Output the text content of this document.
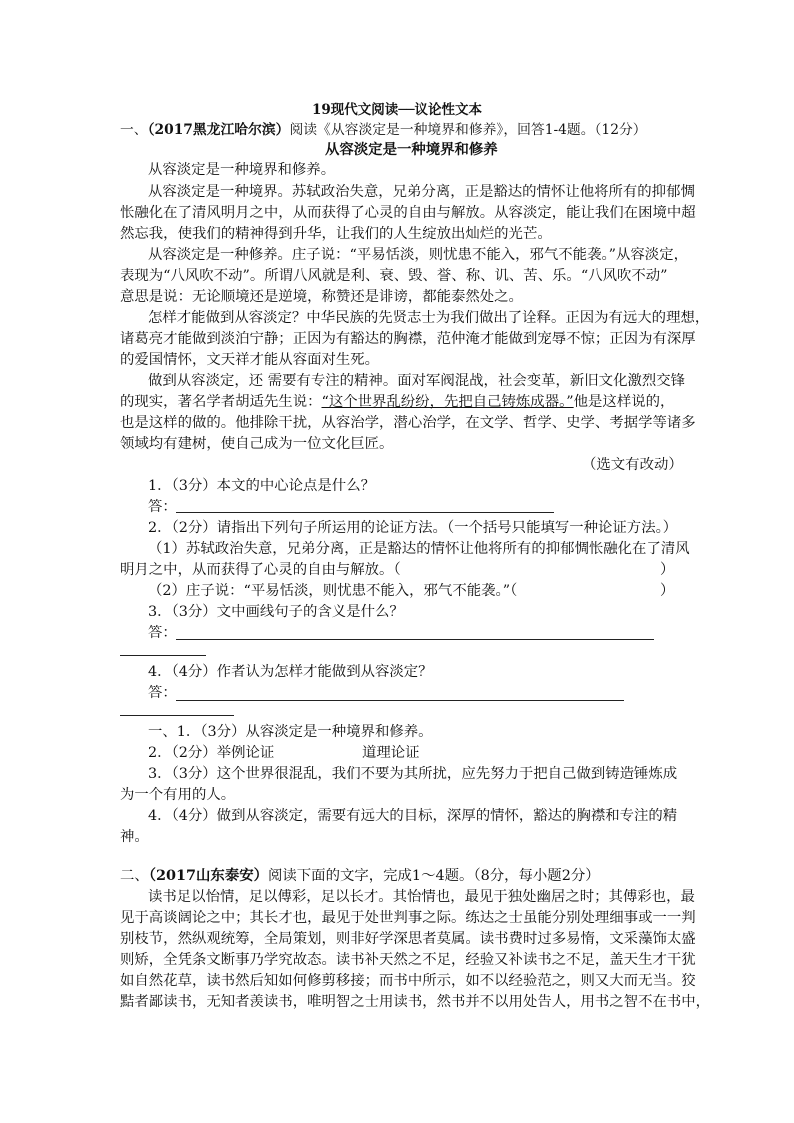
19现代文阅读──议论性文本
一、（2017黑龙江哈尔滨）阅读《从容淡定是一种境界和修养》，回答1-4题。（12分）
从容淡定是一种境界和修养
从容淡定是一种境界和修养。
从容淡定是一种境界。苏轼政治失意，兄弟分离，正是豁达的情怀让他将所有的抑郁惆
怅融化在了清风明月之中，从而获得了心灵的自由与解放。从容淡定，能让我们在困境中超
然忘我，使我们的精神得到升华，让我们的人生绽放出灿烂的光芒。
从容淡定是一种修养。庄子说：“平易恬淡，则忧患不能入，邪气不能袭。”从容淡定，
表现为“八风吹不动”。所谓八风就是利、衰、毁、誉、称、讥、苦、乐。“八风吹不动”
意思是说：无论顺境还是逆境，称赞还是诽谤，都能泰然处之。
怎样才能做到从容淡定？中华民族的先贤志士为我们做出了诠释。正因为有远大的理想，
诸葛亮才能做到淡泊宁静；正因为有豁达的胸襟，范仲淹才能做到宠辱不惊；正因为有深厚
的爱国情怀，文天祥才能从容面对生死。
做到从容淡定，还 需要有专注的精神。面对军阀混战，社会变革，新旧文化激烈交锋
的现实，著名学者胡适先生说：“这个世界乱纷纷，先把自己铸炼成器。”他是这样说的，
也是这样的做的。他排除干扰，从容治学，潜心治学，在文学、哲学、史学、考据学等诸多
领域均有建树，使自己成为一位文化巨匠。
（选文有改动）
1．（3分）本文的中心论点是什么？
答：
2．（2分）请指出下列句子所运用的论证方法。（一个括号只能填写一种论证方法。）
（1）苏轼政治失意，兄弟分离，正是豁达的情怀让他将所有的抑郁惆怅融化在了清风
明月之中，从而获得了心灵的自由与解放。（	）
（2）庄子说：“平易恬淡，则忧患不能入，邪气不能袭。”（	）
3．（3分）文中画线句子的含义是什么？
答：
4．（4分）作者认为怎样才能做到从容淡定？
答：
一、1．（3分）从容淡定是一种境界和修养。
2．（2分）举例论证	道理论证
3．（3分）这个世界很混乱，我们不要为其所扰，应先努力于把自己做到铸造锤炼成
为一个有用的人。
4．（4分）做到从容淡定，需要有远大的目标，深厚的情怀，豁达的胸襟和专注的精
神。
二、（2017山东泰安）阅读下面的文字，完成1～4题。（8分，每小题2分）
读书足以怡情，足以傅彩，足以长才。其怡情也，最见于独处幽居之时；其傅彩也，最
见于高谈阔论之中；其长才也，最见于处世判事之际。练达之士虽能分别处理细事或一一判
别枝节，然纵观统筹，全局策划，则非好学深思者莫属。读书费时过多易惰，文采藻饰太盛
则矫，全凭条文断事乃学究故态。读书补天然之不足，经验又补读书之不足，盖天生才干犹
如自然花草，读书然后知如何修剪移接；而书中所示，如不以经验范之，则又大而无当。狡
黠者鄙读书，无知者羡读书，唯明智之士用读书，然书并不以用处告人，用书之智不在书中，
